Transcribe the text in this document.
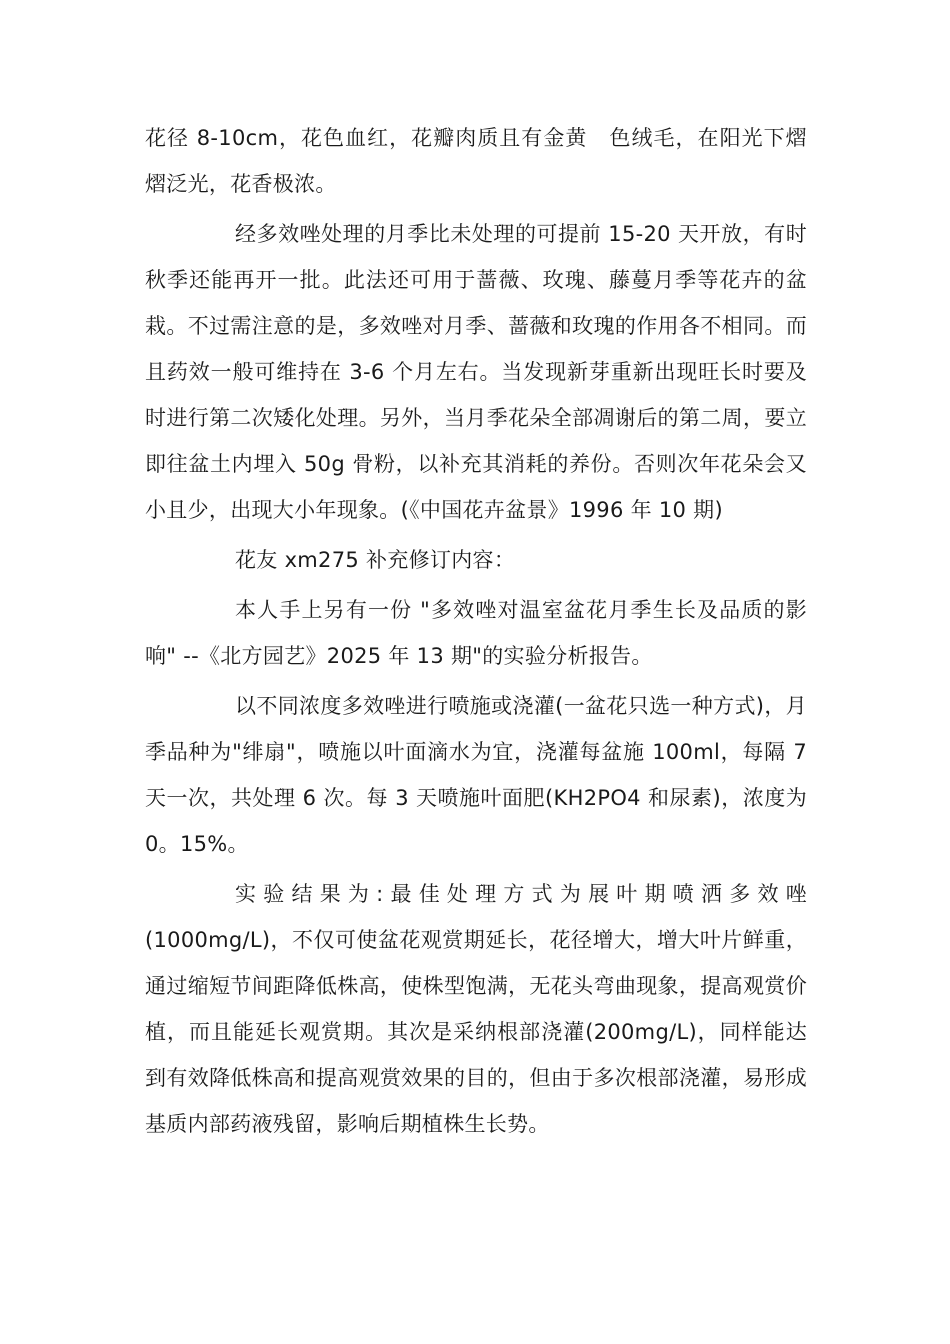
花径 8-10cm，花色血红，花瓣肉质且有金黄　色绒毛，在阳光下熠熠泛光，花香极浓。

经多效唑处理的月季比未处理的可提前 15-20 天开放，有时秋季还能再开一批。此法还可用于蔷薇、玫瑰、藤蔓月季等花卉的盆栽。不过需注意的是，多效唑对月季、蔷薇和玫瑰的作用各不相同。而且药效一般可维持在 3-6 个月左右。当发现新芽重新出现旺长时要及时进行第二次矮化处理。另外，当月季花朵全部凋谢后的第二周，要立即往盆土内埋入 50g 骨粉，以补充其消耗的养份。否则次年花朵会又小且少，出现大小年现象。(《中国花卉盆景》1996 年 10 期)

花友 xm275 补充修订内容：

本人手上另有一份 "多效唑对温室盆花月季生长及品质的影响" --《北方园艺》2025 年 13 期"的实验分析报告。

以不同浓度多效唑进行喷施或浇灌(一盆花只选一种方式)，月季品种为"绯扇"，喷施以叶面滴水为宜，浇灌每盆施 100ml，每隔 7 天一次，共处理 6 次。每 3 天喷施叶面肥(KH2PO4 和尿素)，浓度为 0。15%。

实验结果为:最佳处理方式为展叶期喷洒多效唑(1000mg/L)，不仅可使盆花观赏期延长，花径增大，增大叶片鲜重，通过缩短节间距降低株高，使株型饱满，无花头弯曲现象，提高观赏价植，而且能延长观赏期。其次是采纳根部浇灌(200mg/L)，同样能达到有效降低株高和提高观赏效果的目的，但由于多次根部浇灌，易形成基质内部药液残留，影响后期植株生长势。
